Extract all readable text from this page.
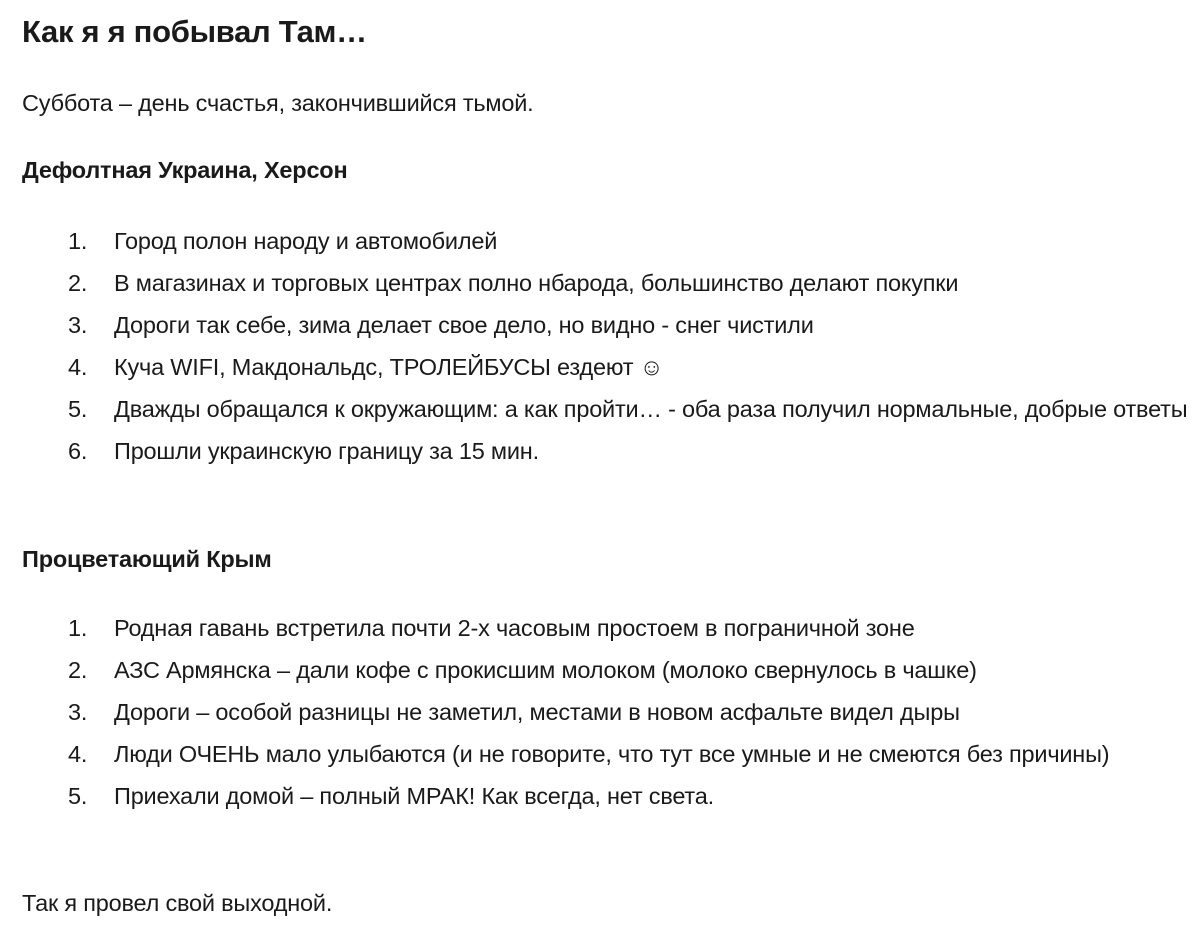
Как я я побывал Там…
Суббота – день счастья, закончившийся тьмой.
Дефолтная Украина, Херсон
1. Город полон народу и автомобилей
2. В магазинах и торговых центрах полно нбарода, большинство делают покупки
3. Дороги так себе, зима делает свое дело, но видно - снег чистили
4. Куча WIFI, Макдональдс, ТРОЛЕЙБУСЫ ездеют ☺
5. Дважды обращался к окружающим: а как пройти… - оба раза получил нормальные, добрые ответы
6. Прошли украинскую границу за 15 мин.
Процветающий Крым
1. Родная гавань встретила почти 2-х часовым простоем в пограничной зоне
2. АЗС Армянска – дали кофе с прокисшим молоком (молоко свернулось в чашке)
3. Дороги – особой разницы не заметил, местами в новом асфальте видел дыры
4. Люди ОЧЕНЬ мало улыбаются (и не говорите, что тут все умные и не смеются без причины)
5. Приехали домой – полный МРАК! Как всегда, нет света.
Так я провел свой выходной.
